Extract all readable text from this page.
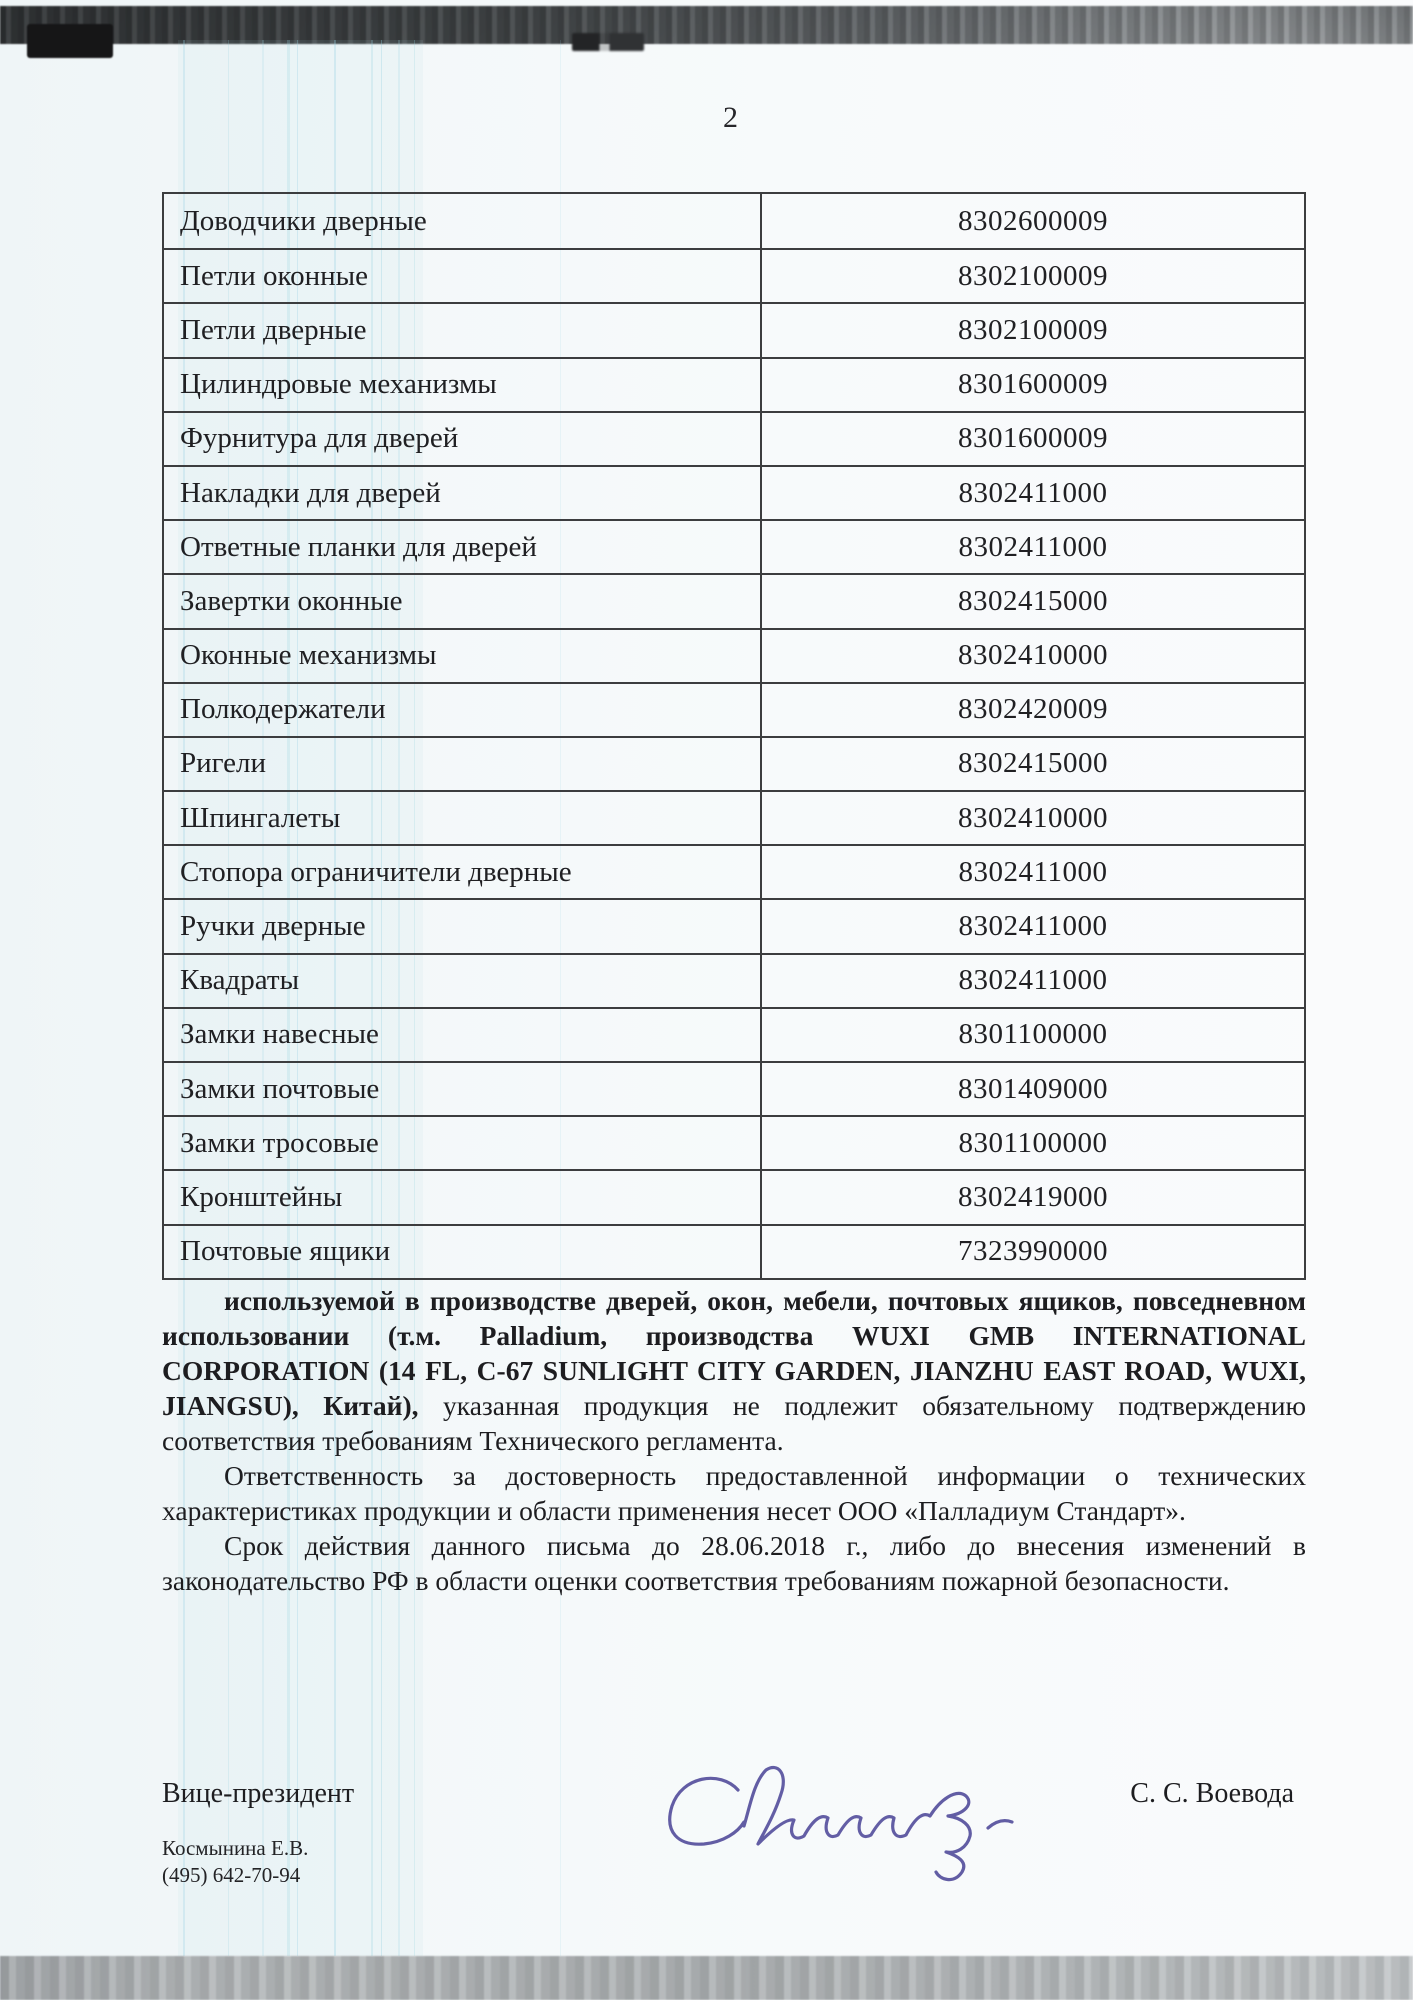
2
Доводчики дверные	8302600009
Петли оконные	8302100009
Петли дверные	8302100009
Цилиндровые механизмы	8301600009
Фурнитура для дверей	8301600009
Накладки для дверей	8302411000
Ответные планки для дверей	8302411000
Завертки оконные	8302415000
Оконные механизмы	8302410000
Полкодержатели	8302420009
Ригели	8302415000
Шпингалеты	8302410000
Стопора ограничители дверные	8302411000
Ручки дверные	8302411000
Квадраты	8302411000
Замки навесные	8301100000
Замки почтовые	8301409000
Замки тросовые	8301100000
Кронштейны	8302419000
Почтовые ящики	7323990000

используемой в производстве дверей, окон, мебели, почтовых ящиков, повседневном использовании (т.м. Palladium, производства WUXI GMB INTERNATIONAL CORPORATION (14 FL, C-67 SUNLIGHT CITY GARDEN, JIANZHU EAST ROAD, WUXI, JIANGSU), Китай), указанная продукция не подлежит обязательному подтверждению соответствия требованиям Технического регламента.

Ответственность за достоверность предоставленной информации о технических характеристиках продукции и области применения несет ООО «Палладиум Стандарт».

Срок действия данного письма до 28.06.2018 г., либо до внесения изменений в законодательство РФ в области оценки соответствия требованиям пожарной безопасности.

Вице-президент	С. С. Воевода
Космынина Е.В.
(495) 642-70-94
